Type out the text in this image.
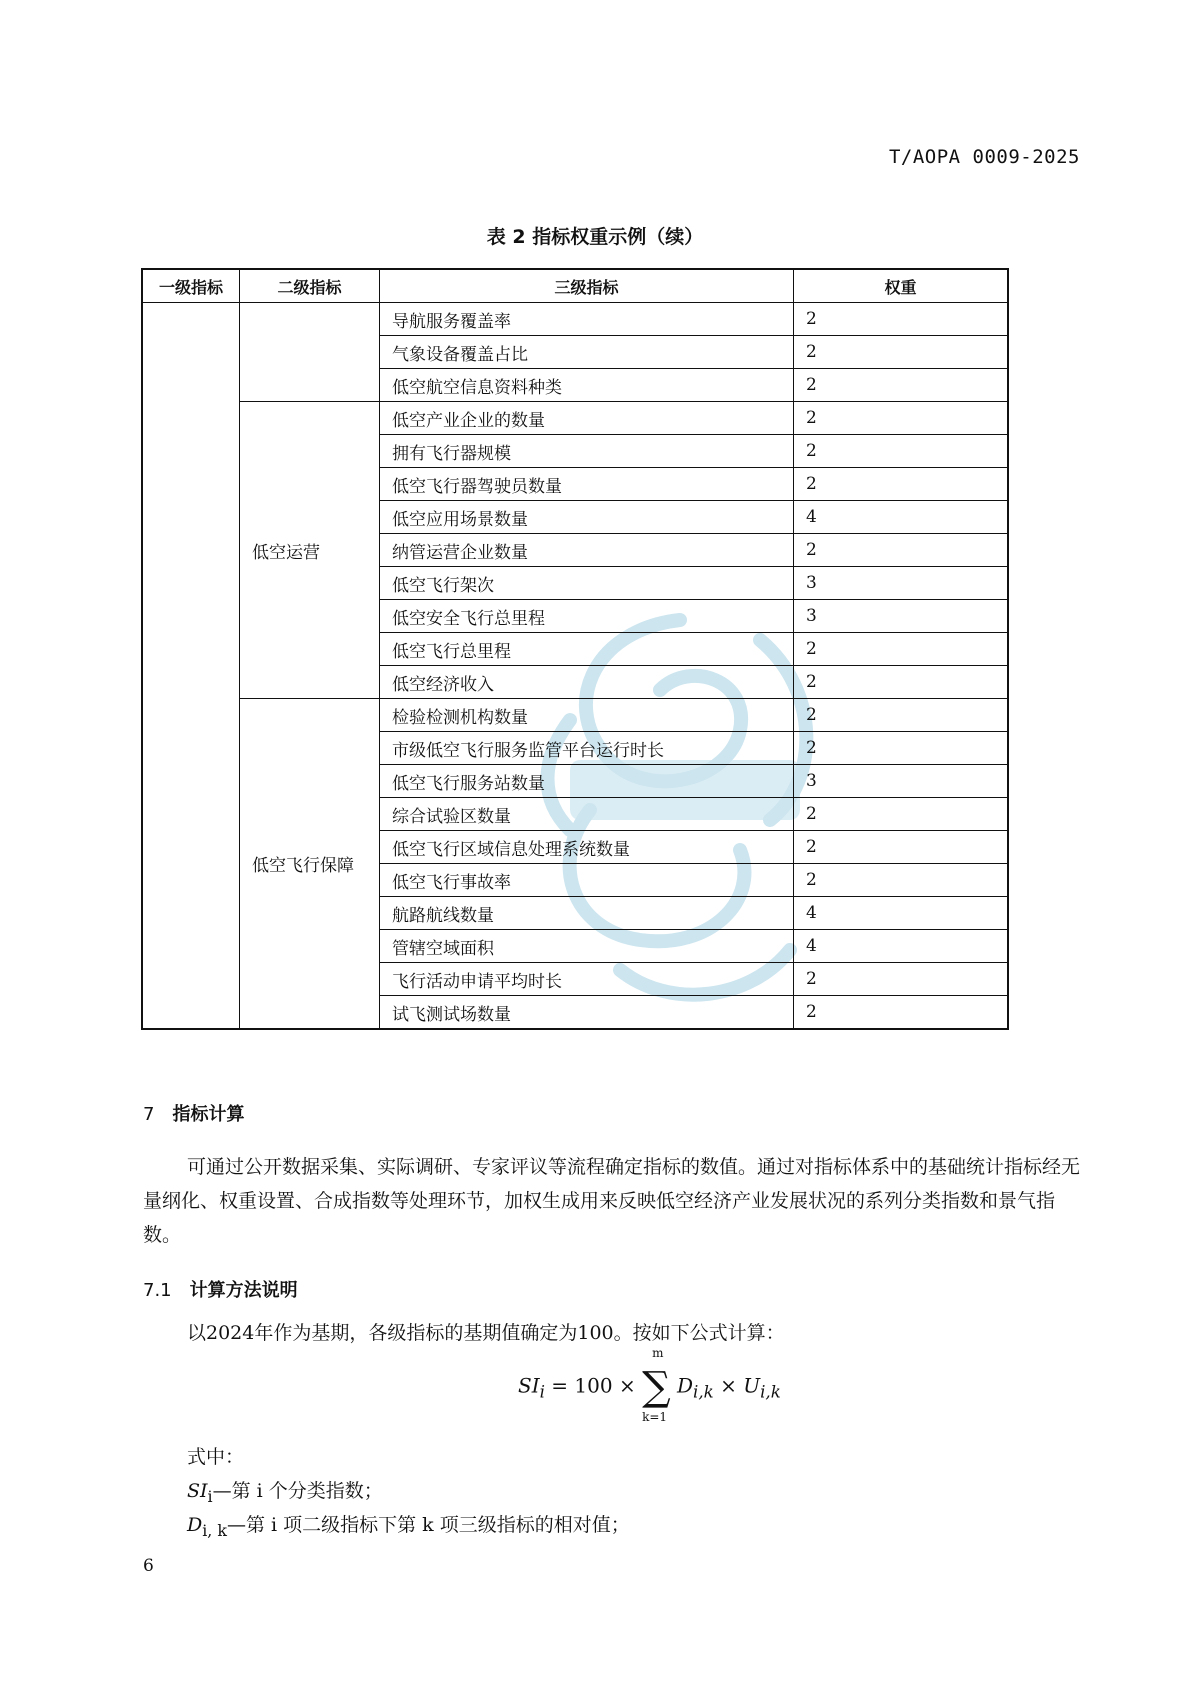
T/AOPA 0009-2025
表 2 指标权重示例（续）
一级指标	二级指标	三级指标	权重
		导航服务覆盖率	2
		气象设备覆盖占比	2
		低空航空信息资料种类	2
	低空运营	低空产业企业的数量	2
		拥有飞行器规模	2
		低空飞行器驾驶员数量	2
		低空应用场景数量	4
		纳管运营企业数量	2
		低空飞行架次	3
		低空安全飞行总里程	3
		低空飞行总里程	2
		低空经济收入	2
	低空飞行保障	检验检测机构数量	2
		市级低空飞行服务监管平台运行时长	2
		低空飞行服务站数量	3
		综合试验区数量	2
		低空飞行区域信息处理系统数量	2
		低空飞行事故率	2
		航路航线数量	4
		管辖空域面积	4
		飞行活动申请平均时长	2
		试飞测试场数量	2
7 指标计算
可通过公开数据采集、实际调研、专家评议等流程确定指标的数值。通过对指标体系中的基础统计指标经无量纲化、权重设置、合成指数等处理环节，加权生成用来反映低空经济产业发展状况的系列分类指数和景气指数。
7.1 计算方法说明
以2024年作为基期，各级指标的基期值确定为100。按如下公式计算：
$SI_i = 100$ × ∑
m
k=1
$D_{i,k} \times U_{i,k}$
式中：
$SI_i—$第 i 个分类指数；
$D_{i, k}—$第 i 项二级指标下第 k 项三级指标的相对值；
6
